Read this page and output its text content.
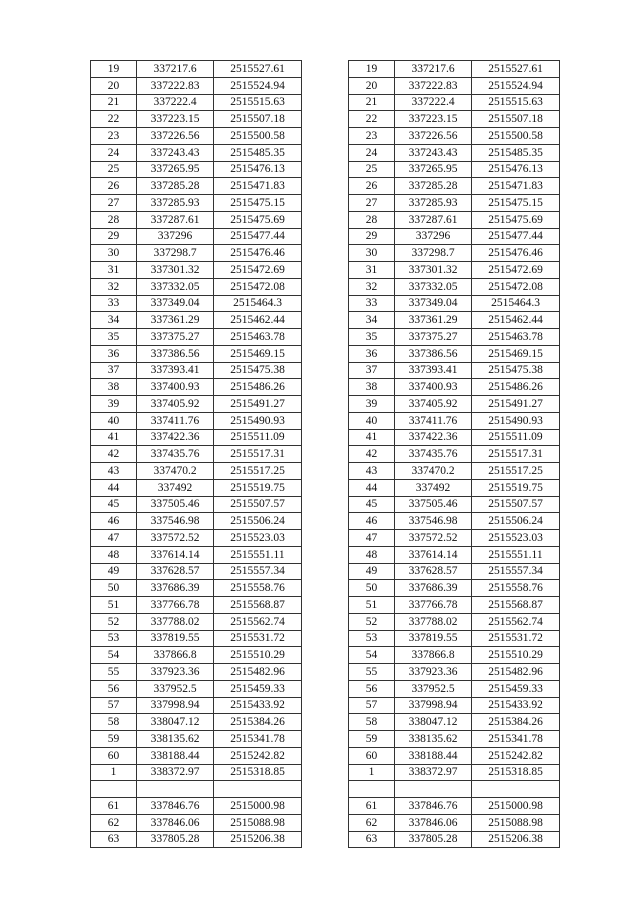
19	337217.6	2515527.61
20	337222.83	2515524.94
21	337222.4	2515515.63
22	337223.15	2515507.18
23	337226.56	2515500.58
24	337243.43	2515485.35
25	337265.95	2515476.13
26	337285.28	2515471.83
27	337285.93	2515475.15
28	337287.61	2515475.69
29	337296	2515477.44
30	337298.7	2515476.46
31	337301.32	2515472.69
32	337332.05	2515472.08
33	337349.04	2515464.3
34	337361.29	2515462.44
35	337375.27	2515463.78
36	337386.56	2515469.15
37	337393.41	2515475.38
38	337400.93	2515486.26
39	337405.92	2515491.27
40	337411.76	2515490.93
41	337422.36	2515511.09
42	337435.76	2515517.31
43	337470.2	2515517.25
44	337492	2515519.75
45	337505.46	2515507.57
46	337546.98	2515506.24
47	337572.52	2515523.03
48	337614.14	2515551.11
49	337628.57	2515557.34
50	337686.39	2515558.76
51	337766.78	2515568.87
52	337788.02	2515562.74
53	337819.55	2515531.72
54	337866.8	2515510.29
55	337923.36	2515482.96
56	337952.5	2515459.33
57	337998.94	2515433.92
58	338047.12	2515384.26
59	338135.62	2515341.78
60	338188.44	2515242.82
1	338372.97	2515318.85

61	337846.76	2515000.98
62	337846.06	2515088.98
63	337805.28	2515206.38
19	337217.6	2515527.61
20	337222.83	2515524.94
21	337222.4	2515515.63
22	337223.15	2515507.18
23	337226.56	2515500.58
24	337243.43	2515485.35
25	337265.95	2515476.13
26	337285.28	2515471.83
27	337285.93	2515475.15
28	337287.61	2515475.69
29	337296	2515477.44
30	337298.7	2515476.46
31	337301.32	2515472.69
32	337332.05	2515472.08
33	337349.04	2515464.3
34	337361.29	2515462.44
35	337375.27	2515463.78
36	337386.56	2515469.15
37	337393.41	2515475.38
38	337400.93	2515486.26
39	337405.92	2515491.27
40	337411.76	2515490.93
41	337422.36	2515511.09
42	337435.76	2515517.31
43	337470.2	2515517.25
44	337492	2515519.75
45	337505.46	2515507.57
46	337546.98	2515506.24
47	337572.52	2515523.03
48	337614.14	2515551.11
49	337628.57	2515557.34
50	337686.39	2515558.76
51	337766.78	2515568.87
52	337788.02	2515562.74
53	337819.55	2515531.72
54	337866.8	2515510.29
55	337923.36	2515482.96
56	337952.5	2515459.33
57	337998.94	2515433.92
58	338047.12	2515384.26
59	338135.62	2515341.78
60	338188.44	2515242.82
1	338372.97	2515318.85

61	337846.76	2515000.98
62	337846.06	2515088.98
63	337805.28	2515206.38
